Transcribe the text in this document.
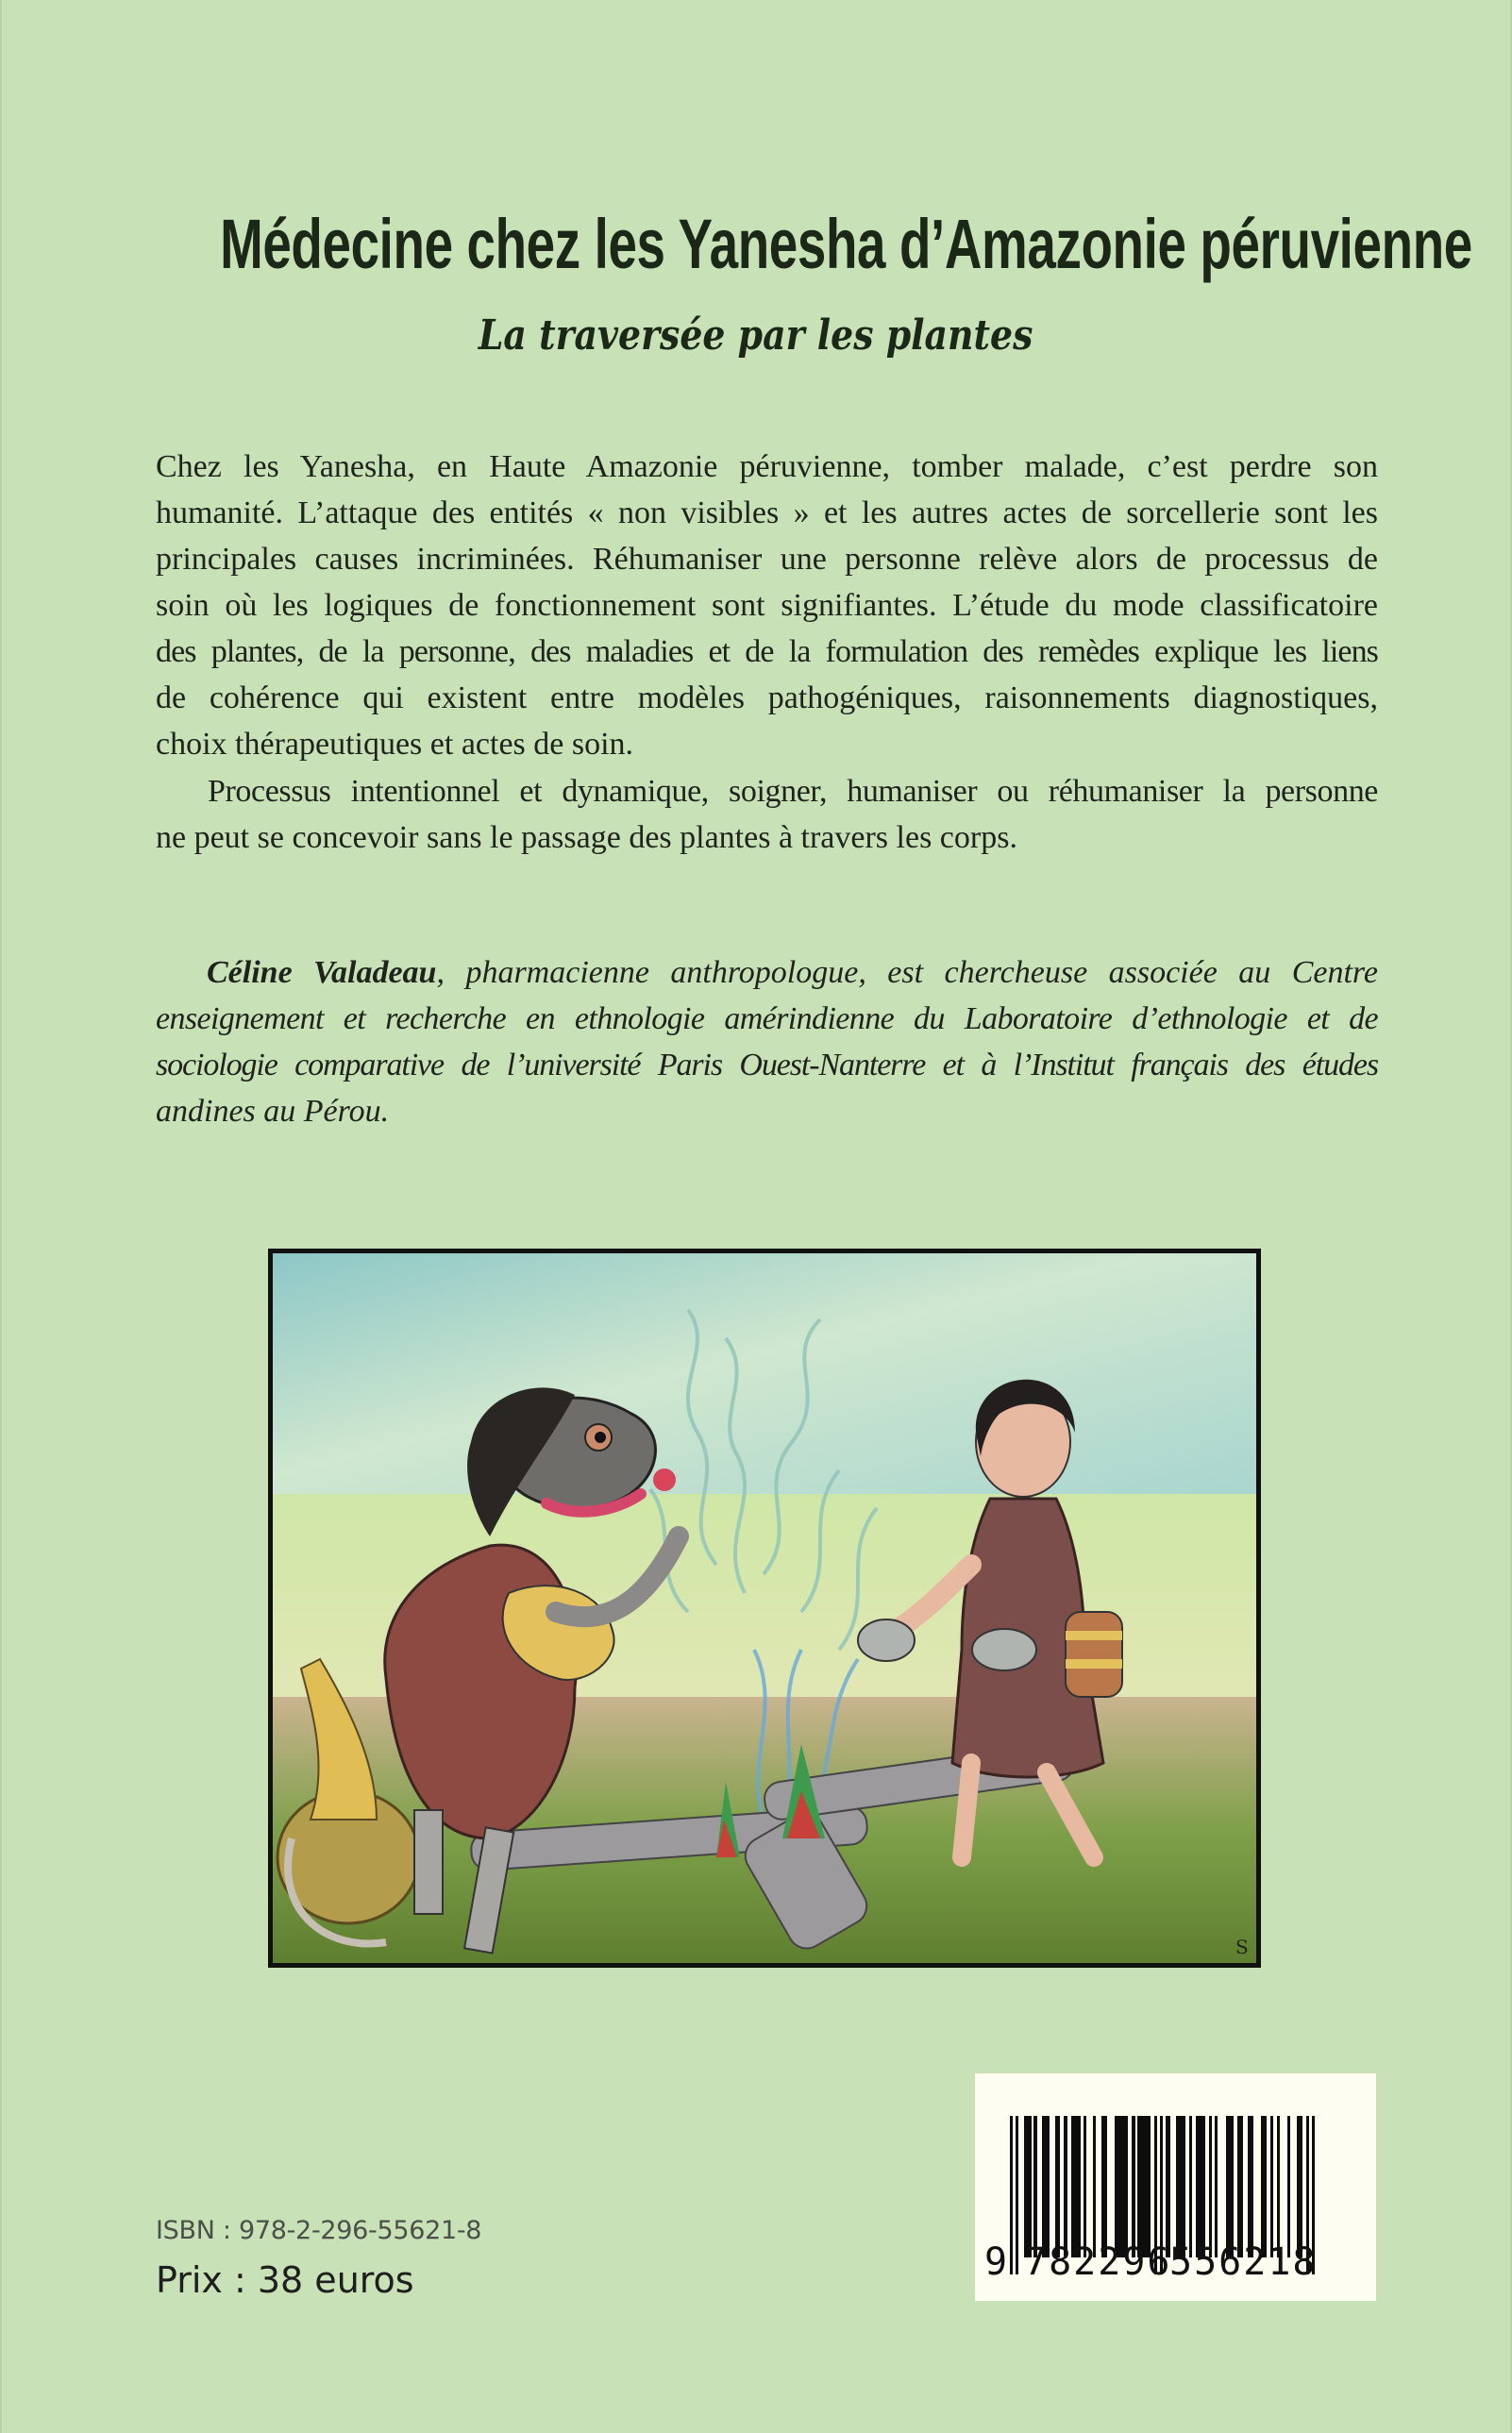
Médecine chez les Yanesha d’Amazonie péruvienne
La traversée par les plantes
Chez les Yanesha, en Haute Amazonie péruvienne, tomber malade, c’est perdre son
humanité. L’attaque des entités « non visibles » et les autres actes de sorcellerie sont les
principales causes incriminées. Réhumaniser une personne relève alors de processus de
soin où les logiques de fonctionnement sont signifiantes. L’étude du mode classificatoire
des plantes, de la personne, des maladies et de la formulation des remèdes explique les liens
de cohérence qui existent entre modèles pathogéniques, raisonnements diagnostiques,
choix thérapeutiques et actes de soin.
Processus intentionnel et dynamique, soigner, humaniser ou réhumaniser la personne
ne peut se concevoir sans le passage des plantes à travers les corps.
Céline Valadeau, pharmacienne anthropologue, est chercheuse associée au Centre
enseignement et recherche en ethnologie amérindienne du Laboratoire d’ethnologie et de
sociologie comparative de l’université Paris Ouest-Nanterre et à l’Institut français des études
andines au Pérou.
S
ISBN : 978-2-296-55621-8
Prix : 38 euros	9 782296
556218
